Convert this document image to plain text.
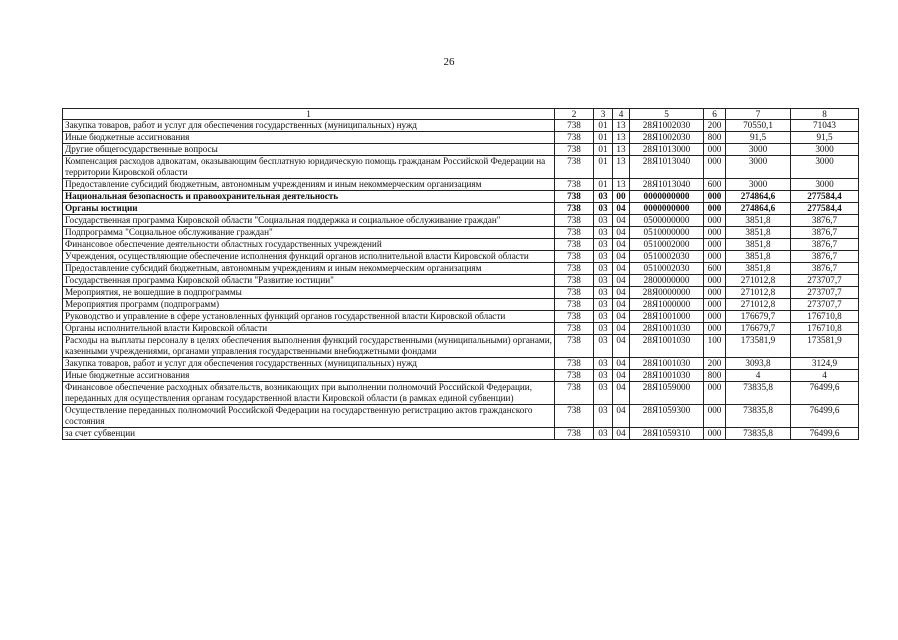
26
1	2	3	4	5	6	7	8
Закупка товаров, работ и услуг для обеспечения государственных (муниципальных) нужд	738	01	13	28Я1002030	200	70550,1	71043
Иные бюджетные ассигнования	738	01	13	28Я1002030	800	91,5	91,5
Другие общегосударственные вопросы	738	01	13	28Я1013000	000	3000	3000
Компенсация расходов адвокатам, оказывающим бесплатную юридическую помощь гражданам Российской Федерации на территории Кировской области	738	01	13	28Я1013040	000	3000	3000
Предоставление субсидий бюджетным, автономным учреждениям и иным некоммерческим организациям	738	01	13	28Я1013040	600	3000	3000
Национальная безопасность и правоохранительная деятельность	738	03	00	0000000000	000	274864,6	277584,4
Органы юстиции	738	03	04	0000000000	000	274864,6	277584,4
Государственная программа Кировской области "Социальная поддержка и социальное обслуживание граждан"	738	03	04	0500000000	000	3851,8	3876,7
Подпрограмма "Социальное обслуживание граждан"	738	03	04	0510000000	000	3851,8	3876,7
Финансовое обеспечение деятельности областных государственных учреждений	738	03	04	0510002000	000	3851,8	3876,7
Учреждения, осуществляющие обеспечение исполнения функций органов исполнительной власти Кировской области	738	03	04	0510002030	000	3851,8	3876,7
Предоставление субсидий бюджетным, автономным учреждениям и иным некоммерческим организациям	738	03	04	0510002030	600	3851,8	3876,7
Государственная программа Кировской области "Развитие юстиции"	738	03	04	2800000000	000	271012,8	273707,7
Мероприятия, не вошедшие в подпрограммы	738	03	04	28Я0000000	000	271012,8	273707,7
Мероприятия программ (подпрограмм)	738	03	04	28Я1000000	000	271012,8	273707,7
Руководство и управление в сфере установленных функций органов государственной власти Кировской области	738	03	04	28Я1001000	000	176679,7	176710,8
Органы исполнительной власти Кировской области	738	03	04	28Я1001030	000	176679,7	176710,8
Расходы на выплаты персоналу в целях обеспечения выполнения функций государственными (муниципальными) органами, казенными учреждениями, органами управления государственными внебюджетными фондами	738	03	04	28Я1001030	100	173581,9	173581,9
Закупка товаров, работ и услуг для обеспечения государственных (муниципальных) нужд	738	03	04	28Я1001030	200	3093,8	3124,9
Иные бюджетные ассигнования	738	03	04	28Я1001030	800	4	4
Финансовое обеспечение расходных обязательств, возникающих при выполнении полномочий Российской Федерации, переданных для осуществления органам государственной власти Кировской области (в рамках единой субвенции)	738	03	04	28Я1059000	000	73835,8	76499,6
Осуществление переданных полномочий Российской Федерации на государственную регистрацию актов гражданского состояния	738	03	04	28Я1059300	000	73835,8	76499,6
за счет субвенции	738	03	04	28Я1059310	000	73835,8	76499,6
